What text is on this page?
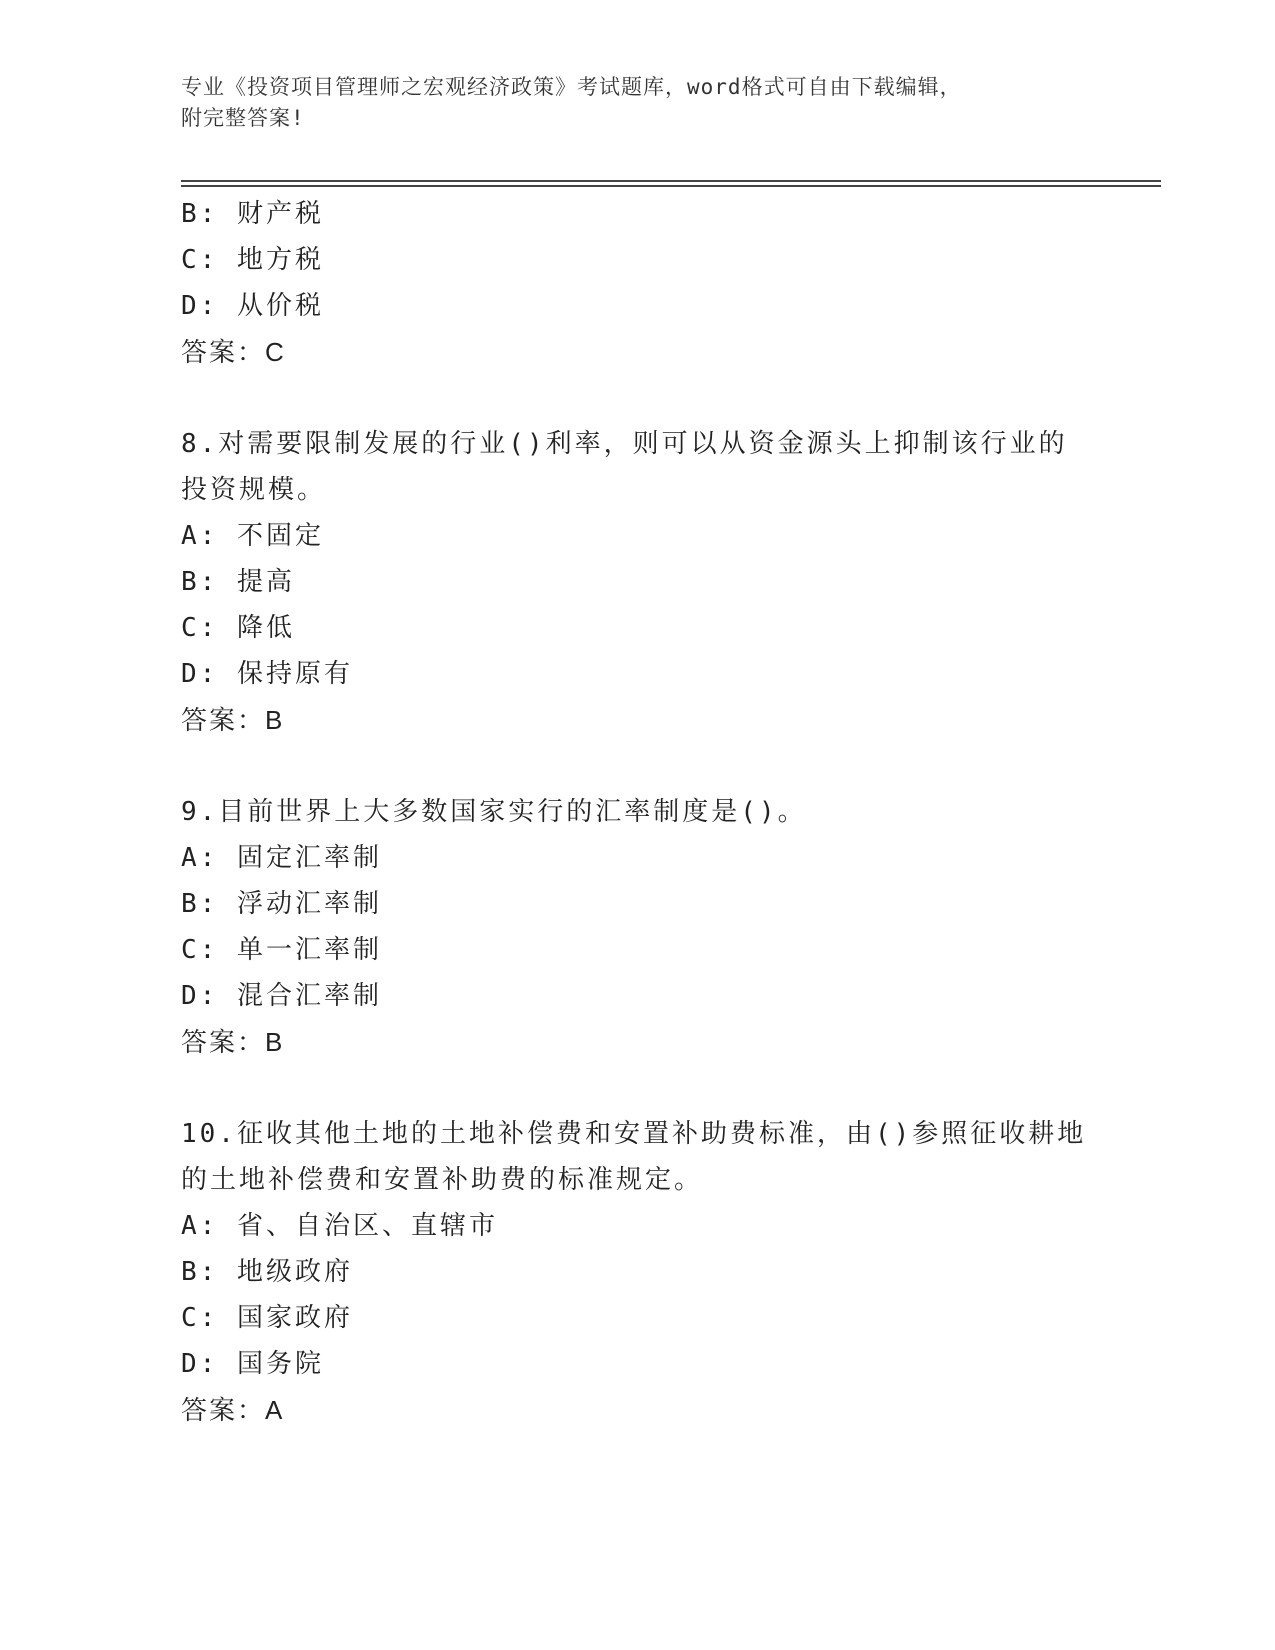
专业《投资项目管理师之宏观经济政策》考试题库，word格式可自由下载编辑，
附完整答案!
B: 财产税
C: 地方税
D: 从价税
答案：C
8.对需要限制发展的行业()利率，则可以从资金源头上抑制该行业的
投资规模。
A: 不固定
B: 提高
C: 降低
D: 保持原有
答案：B
9.目前世界上大多数国家实行的汇率制度是()。
A: 固定汇率制
B: 浮动汇率制
C: 单一汇率制
D: 混合汇率制
答案：B
10.征收其他土地的土地补偿费和安置补助费标准，由()参照征收耕地
的土地补偿费和安置补助费的标准规定。
A: 省、自治区、直辖市
B: 地级政府
C: 国家政府
D: 国务院
答案：A
